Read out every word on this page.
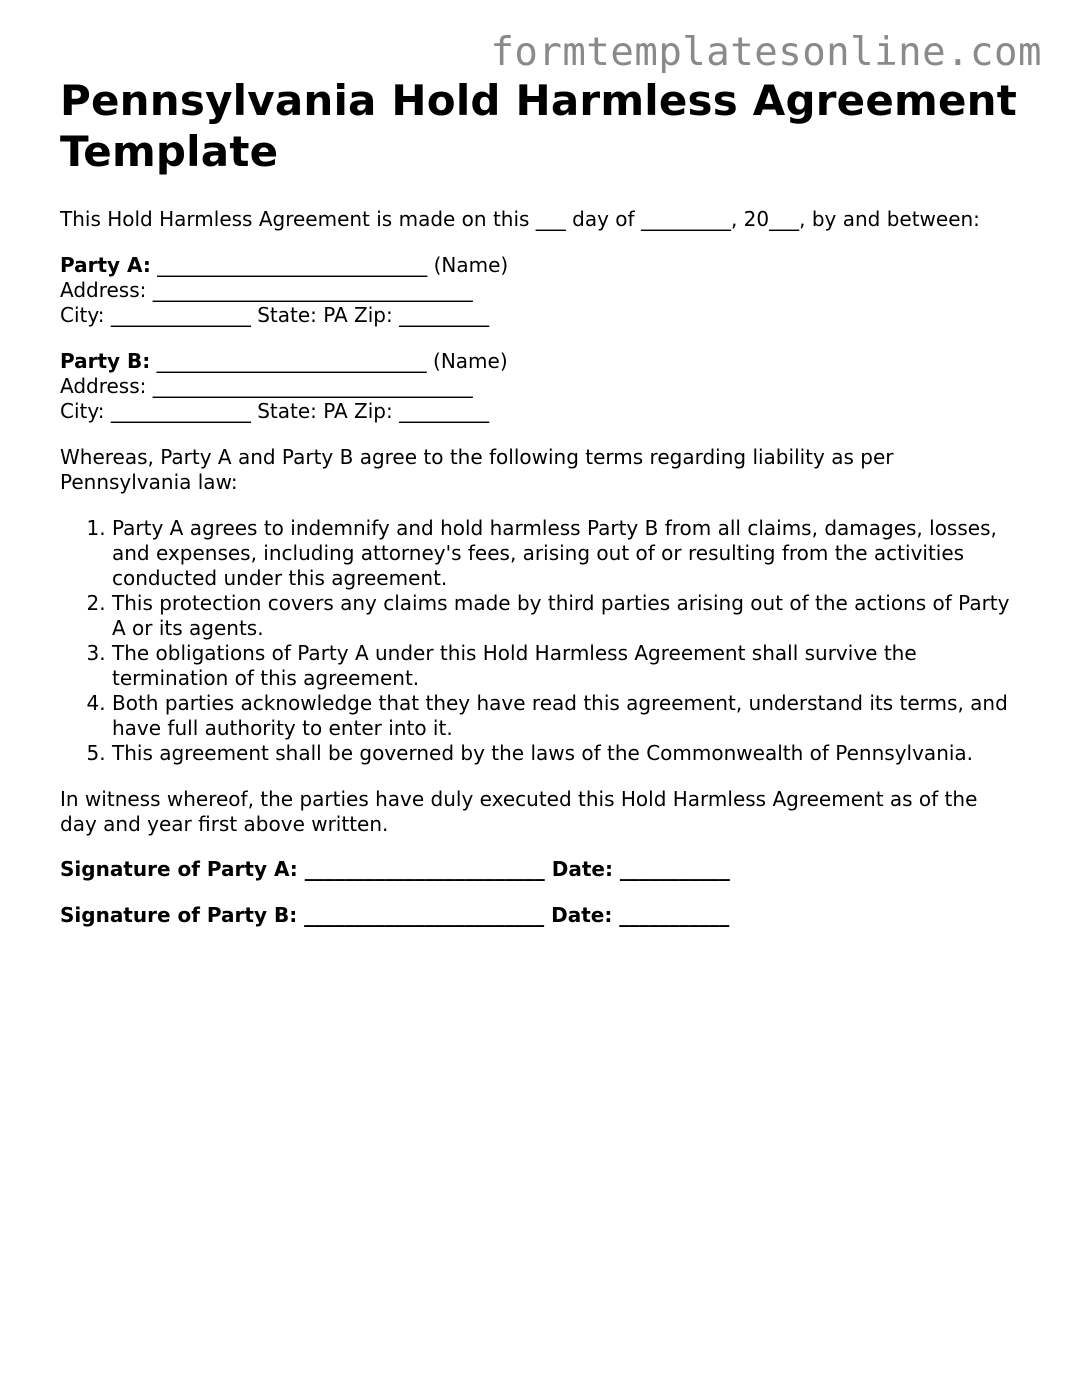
formtemplatesonline.com
Pennsylvania Hold Harmless Agreement Template

This Hold Harmless Agreement is made on this ___ day of _________, 20___, by and between:

Party A: ___________________________ (Name)
Address: ________________________________
City: ______________ State: PA Zip: _________
Party B: ___________________________ (Name)
Address: ________________________________
City: ______________ State: PA Zip: _________

Whereas, Party A and Party B agree to the following terms regarding liability as per Pennsylvania law:

1. Party A agrees to indemnify and hold harmless Party B from all claims, damages, losses, and expenses, including attorney's fees, arising out of or resulting from the activities conducted under this agreement.
2. This protection covers any claims made by third parties arising out of the actions of Party A or its agents.
3. The obligations of Party A under this Hold Harmless Agreement shall survive the termination of this agreement.
4. Both parties acknowledge that they have read this agreement, understand its terms, and have full authority to enter into it.
5. This agreement shall be governed by the laws of the Commonwealth of Pennsylvania.

In witness whereof, the parties have duly executed this Hold Harmless Agreement as of the day and year first above written.

Signature of Party A: ________________________ Date: ___________
Signature of Party B: ________________________ Date: ___________
